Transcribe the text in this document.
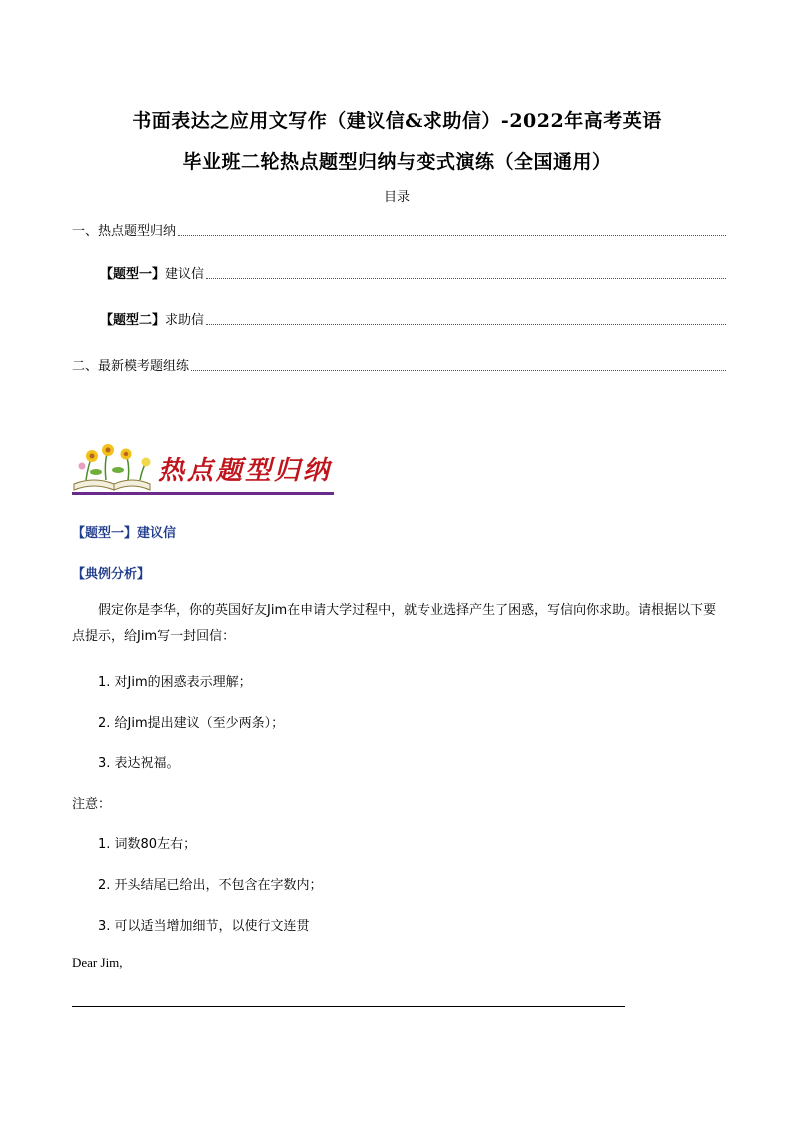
书面表达之应用文写作（建议信&求助信）-2022年高考英语
毕业班二轮热点题型归纳与变式演练（全国通用）
目录
一、热点题型归纳
【题型一】 建议信
【题型二】 求助信
二、最新模考题组练
热点题型归纳
【题型一】建议信
【典例分析】
假定你是李华，你的英国好友Jim在申请大学过程中，就专业选择产生了困惑，写信向你求助。请根据以下要点提示，给Jim写一封回信：
1. 对Jim的困惑表示理解；
2. 给Jim提出建议（至少两条）；
3. 表达祝福。
注意：
1. 词数80左右；
2. 开头结尾已给出，不包含在字数内；
3. 可以适当增加细节，以使行文连贯
Dear Jim,
